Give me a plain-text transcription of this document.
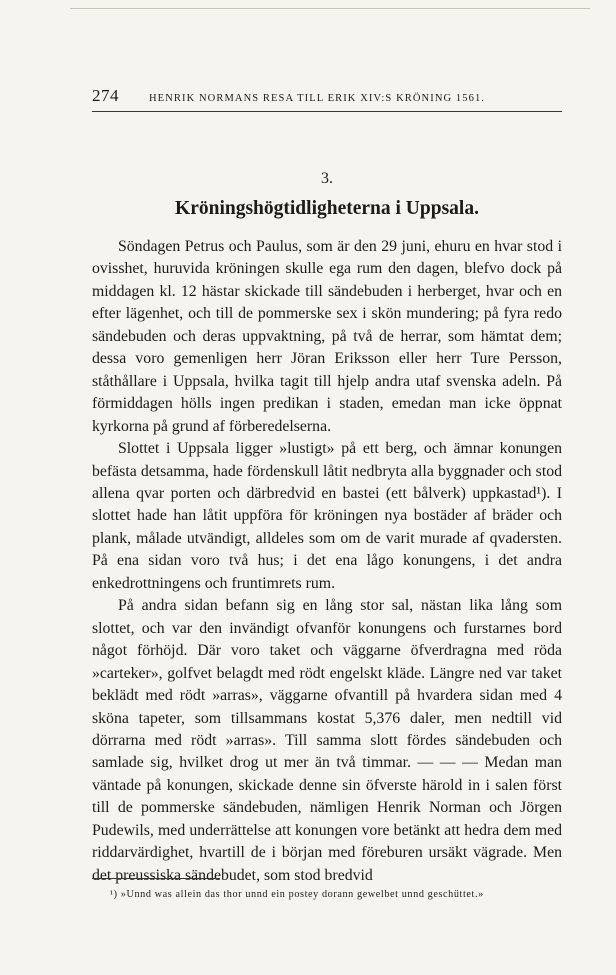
274	HENRIK NORMANS RESA TILL ERIK XIV:S KRÖNING 1561.
3.
Kröningshögtidligheterna i Uppsala.

Söndagen Petrus och Paulus, som är den 29 juni, ehuru en hvar stod i ovisshet, huruvida kröningen skulle ega rum den dagen, blefvo dock på middagen kl. 12 hästar skickade till sändebuden i herberget, hvar och en efter lägenhet, och till de pommerske sex i skön mundering; på fyra redo sändebuden och deras uppvaktning, på två de herrar, som hämtat dem; dessa voro gemenligen herr Jöran Eriksson eller herr Ture Persson, ståthållare i Uppsala, hvilka tagit till hjelp andra utaf svenska adeln. På förmiddagen hölls ingen predikan i staden, emedan man icke öppnat kyrkorna på grund af förberedelserna.

Slottet i Uppsala ligger »lustigt» på ett berg, och ämnar konungen befästa detsamma, hade fördenskull låtit nedbryta alla byggnader och stod allena qvar porten och därbredvid en bastei (ett bålverk) uppkastad¹). I slottet hade han låtit uppföra för kröningen nya bostäder af bräder och plank, målade utvändigt, alldeles som om de varit murade af qvadersten. På ena sidan voro två hus; i det ena lågo konungens, i det andra enkedrottningens och fruntimrets rum.

På andra sidan befann sig en lång stor sal, nästan lika lång som slottet, och var den invändigt ofvanför konungens och furstarnes bord något förhöjd. Där voro taket och väggarne öfverdragna med röda »carteker», golfvet belagdt med rödt engelskt kläde. Längre ned var taket beklädt med rödt »arras», väggarne ofvantill på hvardera sidan med 4 sköna tapeter, som tillsammans kostat 5,376 daler, men nedtill vid dörrarna med rödt »arras». Till samma slott fördes sändebuden och samlade sig, hvilket drog ut mer än två timmar. — — — Medan man väntade på konungen, skickade denne sin öfverste härold in i salen först till de pommerske sändebuden, nämligen Henrik Norman och Jörgen Pudewils, med underrättelse att konungen vore betänkt att hedra dem med riddarvärdighet, hvartill de i början med föreburen ursäkt vägrade. Men det preussiska sändebudet, som stod bredvid

¹) »Unnd was allein das thor unnd ein postey dorann gewelbet unnd geschüttet.»
